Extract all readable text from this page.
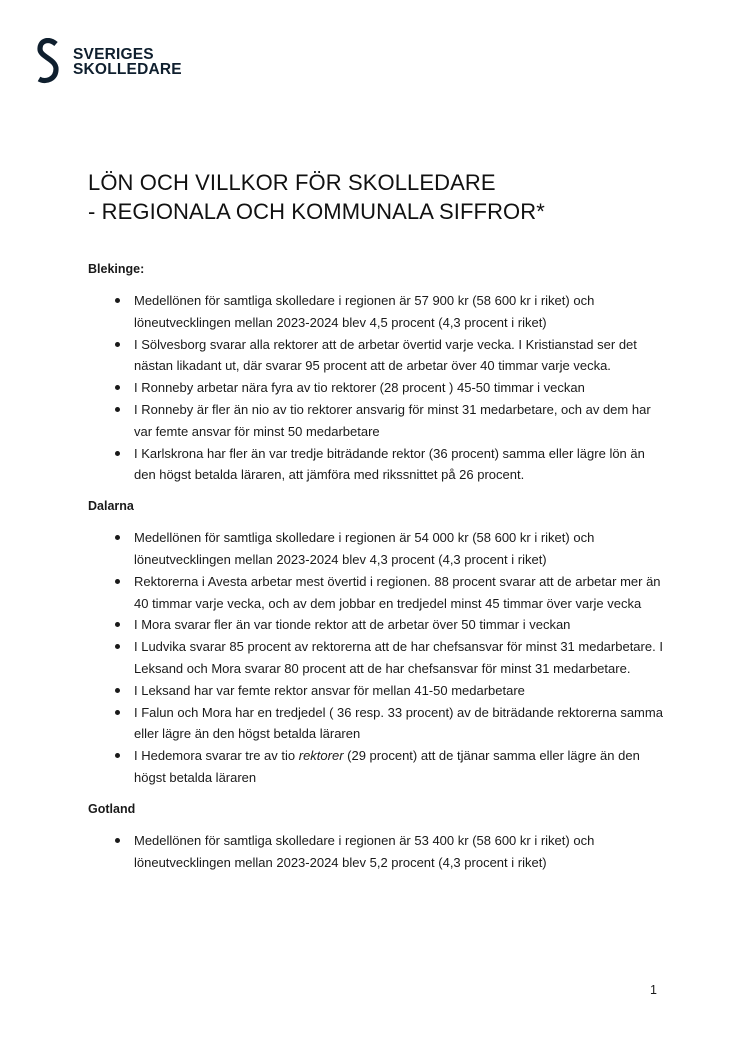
SVERIGES
SKOLLEDARE
LÖN OCH VILLKOR FÖR SKOLLEDARE
- REGIONALA OCH KOMMUNALA SIFFROR*
Blekinge:
Medellönen för samtliga skolledare i regionen är 57 900 kr (58 600 kr i riket) och löneutvecklingen mellan 2023-2024 blev 4,5 procent (4,3 procent i riket)
I Sölvesborg svarar alla rektorer att de arbetar övertid varje vecka. I Kristianstad ser det nästan likadant ut, där svarar 95 procent att de arbetar över 40 timmar varje vecka.
I Ronneby arbetar nära fyra av tio rektorer (28 procent ) 45-50 timmar i veckan
I Ronneby är fler än nio av tio rektorer ansvarig för minst 31 medarbetare, och av dem har var femte ansvar för minst 50 medarbetare
I Karlskrona har fler än var tredje biträdande rektor (36 procent) samma eller lägre lön än den högst betalda läraren, att jämföra med rikssnittet på 26 procent.
Dalarna
Medellönen för samtliga skolledare i regionen är 54 000 kr (58 600 kr i riket) och löneutvecklingen mellan 2023-2024 blev 4,3 procent (4,3 procent i riket)
Rektorerna i Avesta arbetar mest övertid i regionen. 88 procent svarar att de arbetar mer än 40 timmar varje vecka, och av dem jobbar en tredjedel minst 45 timmar över varje vecka
I Mora svarar fler än var tionde rektor att de arbetar över 50 timmar i veckan
I Ludvika svarar 85 procent av rektorerna att de har chefsansvar för minst 31 medarbetare. I Leksand och Mora svarar 80 procent att de har chefsansvar för minst 31 medarbetare.
I Leksand har var femte rektor ansvar för mellan 41-50 medarbetare
I Falun och Mora har en tredjedel ( 36 resp. 33 procent) av de biträdande rektorerna samma eller lägre än den högst betalda läraren
I Hedemora svarar tre av tio rektorer (29 procent) att de tjänar samma eller lägre än den högst betalda läraren
Gotland
Medellönen för samtliga skolledare i regionen är 53 400 kr (58 600 kr i riket) och löneutvecklingen mellan 2023-2024 blev 5,2 procent (4,3 procent i riket)
1
